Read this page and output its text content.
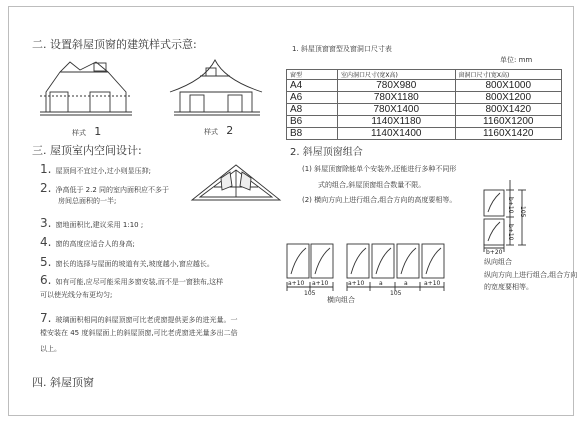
二. 设置斜屋顶窗的建筑样式示意:
样式 1	样式 2
三. 屋顶室内空间设计:
1. 屋顶间不宜过小,过小则显压抑;
2. 净高低于 2.2 同的室内面积应不多于
房间总面积的一半;
3. 窗地面积比,建议采用 1:10 ;
4. 窗的高度应适合人的身高;
5. 窗长的选择与屋面的坡道有关,坡度越小,窗应越长。
6. 如有可能,应尽可能采用多窗安装,而不是一窗独布,这样
可以使光线分布更均匀;
7. 玻璃面积相同的斜屋顶窗可比老虎窗提供更多的进光量。一
樘安装在 45 度斜屋面上的斜屋顶窗,可比老虎窗进光量多出二倍
以上。
四. 斜屋顶窗
1. 斜屋顶窗窗型及窗洞口尺寸表
单位: mm
窗型	室内洞口尺寸(宽X高)	窗洞口尺寸(宽X高)
A4	780X980	800X1000
A6	780X1180	800X1200
A8	780X1400	800X1420
B6	1140X1180	1160X1200
B8	1140X1400	1160X1420
2. 斜屋顶窗组合
(1) 斜屋顶窗除能单个安装外,还能进行多种不同形
式的组合,斜屋顶窗组合数量不限。
(2) 横向方向上进行组合,组合方向的高度要相等。
a+10 a+10
105
a+10 a	a	a+10
105
b+10
b+10
105
b+20
横向组合
纵向组合
纵向方向上进行组合,组合方向
的宽度要相等。
